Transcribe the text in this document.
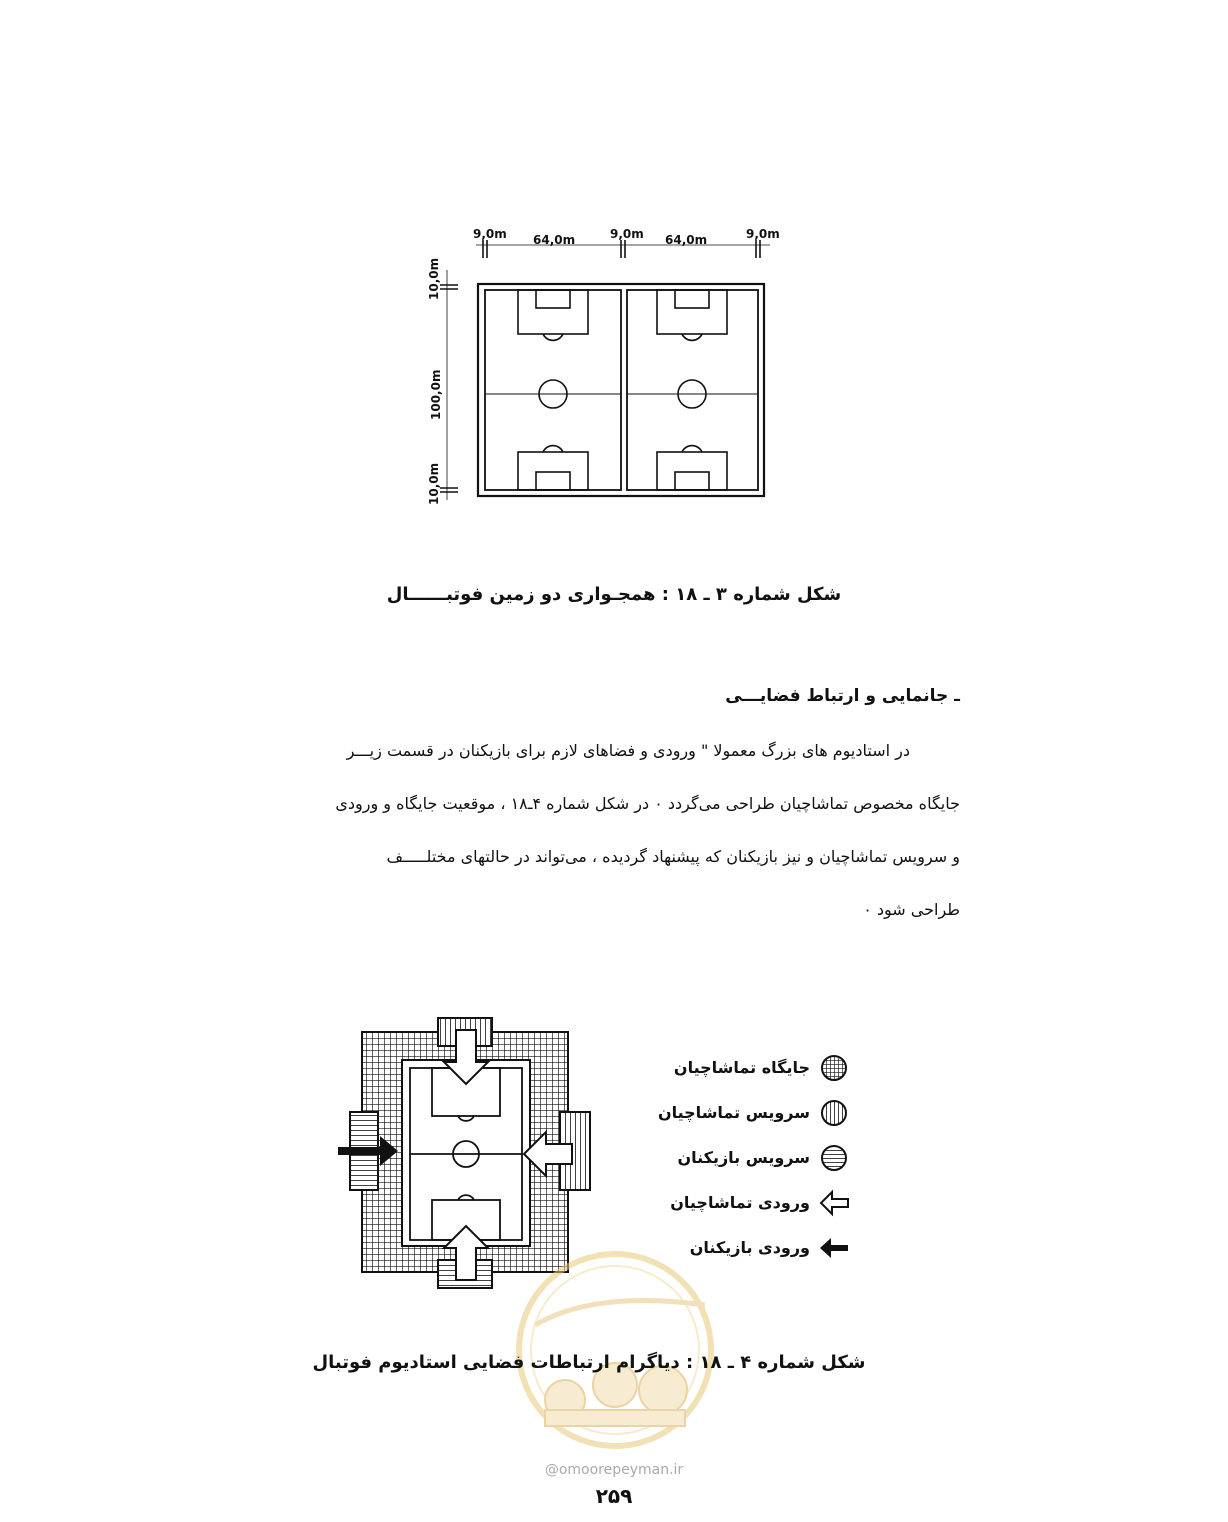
9,0m 64,0m	9,0m 64,0m	9,0m
10,0m
100,0m
10,0m
شکل شماره ۳ ـ ۱۸ : همجـواری دو زمین فوتبــــــال
ـ جانمایی و ارتباط فضایـــی
در استادیوم های بزرگ معمولا " ورودی و فضاهای لازم برای بازیکنان در قسمت زیـــر
جایگاه مخصوص تماشاچیان طراحی می‌گردد ۰ در شکل شماره ۴ـ۱۸ ، موقعیت جایگاه و ورودی
و سرویس تماشاچیان و نیز بازیکنان که پیشنهاد گردیده ، می‌تواند در حالتهای مختلـــــف
طراحی شود ۰
جایگاه تماشاچیان
سرویس تماشاچیان
سرویس بازیکنان
ورودی تماشاچیان
ورودی بازیکنان
شکل شماره ۴ ـ ۱۸ : دیاگرام ارتباطات فضایی استادیوم فوتبال
@omoorepeyman.ir
۲۵۹
